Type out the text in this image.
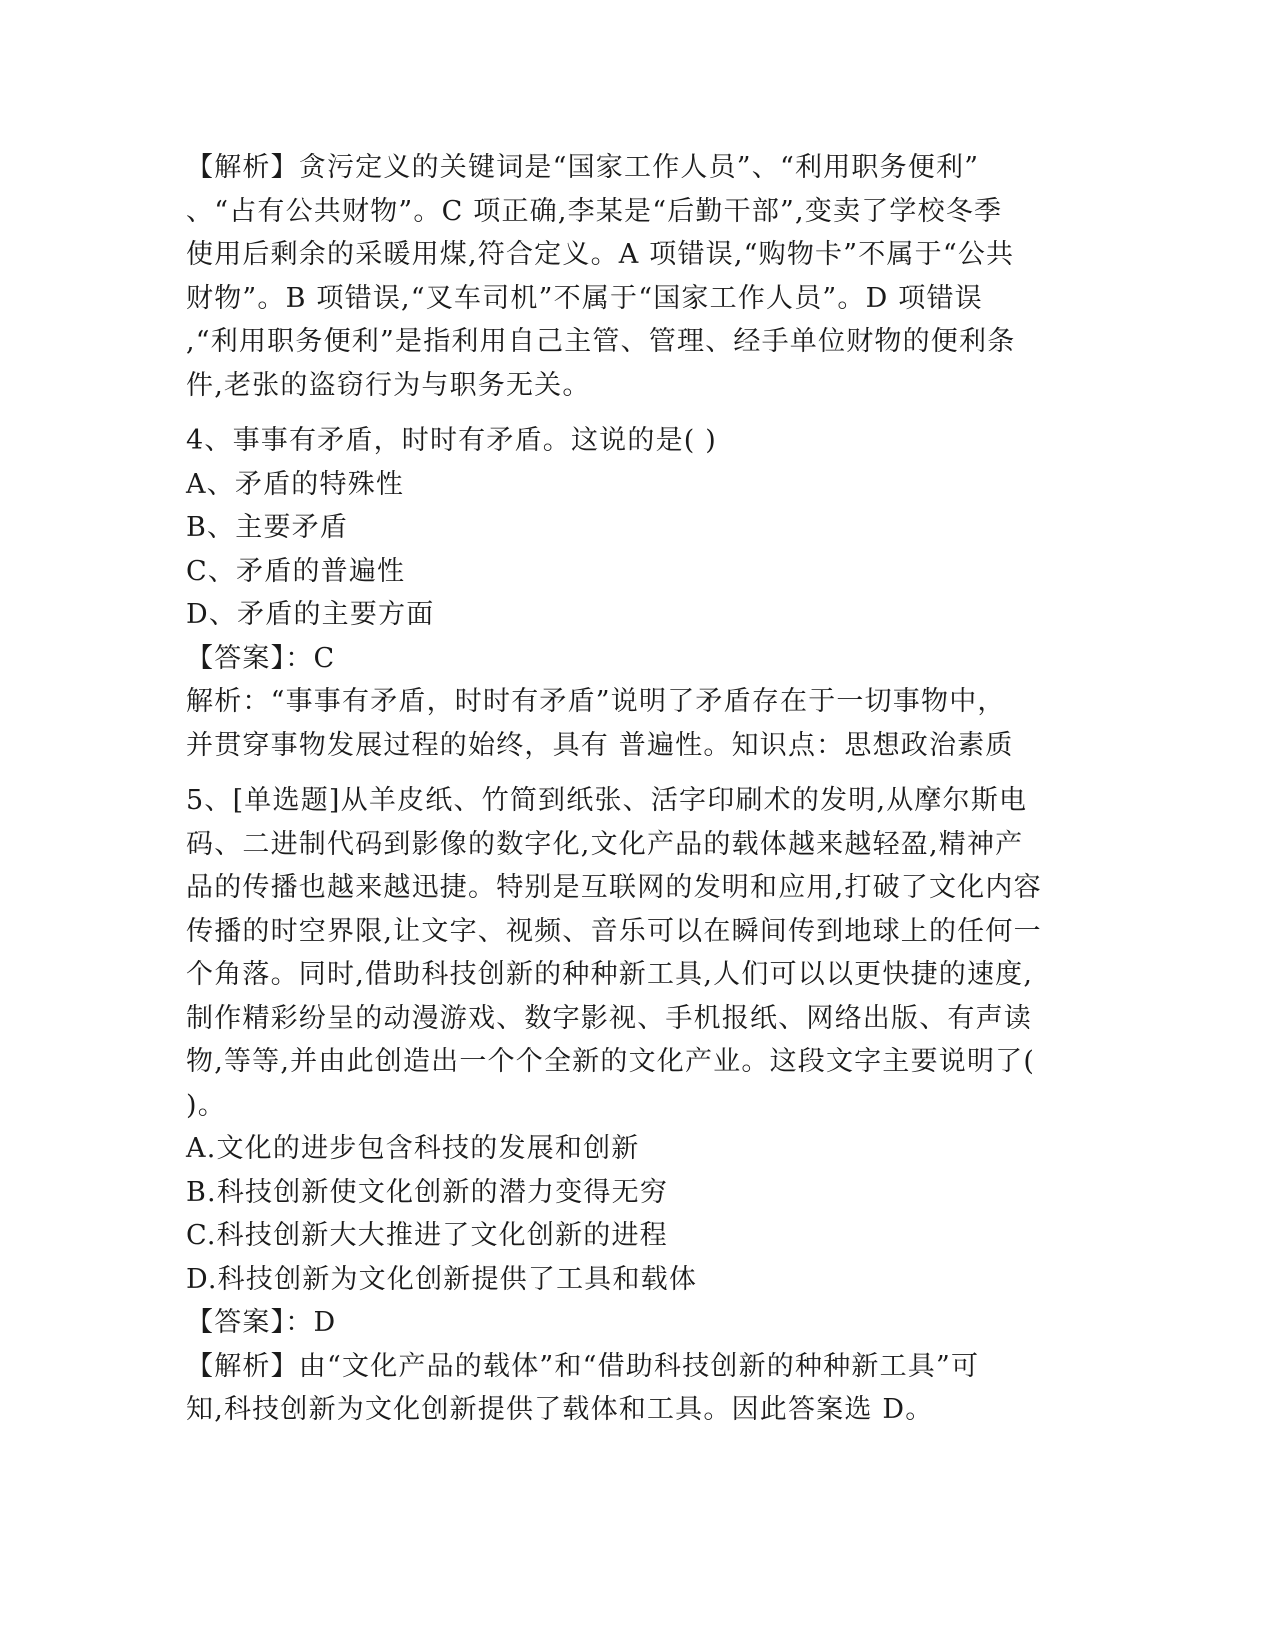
【解析】贪污定义的关键词是“国家工作人员”、“利用职务便利”
、“占有公共财物”。C 项正确,李某是“后勤干部”,变卖了学校冬季
使用后剩余的采暖用煤,符合定义。A 项错误,“购物卡”不属于“公共
财物”。B 项错误,“叉车司机”不属于“国家工作人员”。D 项错误
,“利用职务便利”是指利用自己主管、管理、经手单位财物的便利条
件,老张的盗窃行为与职务无关。
4、事事有矛盾，时时有矛盾。这说的是( )
A、矛盾的特殊性
B、主要矛盾
C、矛盾的普遍性
D、矛盾的主要方面
【答案】：C
解析：“事事有矛盾，时时有矛盾”说明了矛盾存在于一切事物中，
并贯穿事物发展过程的始终，具有 普遍性。知识点：思想政治素质
5、[单选题]从羊皮纸、竹简到纸张、活字印刷术的发明,从摩尔斯电
码、二进制代码到影像的数字化,文化产品的载体越来越轻盈,精神产
品的传播也越来越迅捷。特别是互联网的发明和应用,打破了文化内容
传播的时空界限,让文字、视频、音乐可以在瞬间传到地球上的任何一
个角落。同时,借助科技创新的种种新工具,人们可以以更快捷的速度,
制作精彩纷呈的动漫游戏、数字影视、手机报纸、网络出版、有声读
物,等等,并由此创造出一个个全新的文化产业。这段文字主要说明了(
)。
A.文化的进步包含科技的发展和创新
B.科技创新使文化创新的潜力变得无穷
C.科技创新大大推进了文化创新的进程
D.科技创新为文化创新提供了工具和载体
【答案】：D
【解析】由“文化产品的载体”和“借助科技创新的种种新工具”可
知,科技创新为文化创新提供了载体和工具。因此答案选 D。
